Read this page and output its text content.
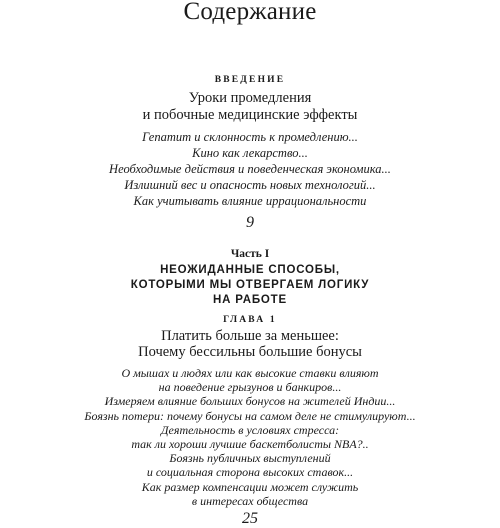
Содержание
ВВЕДЕНИЕ
Уроки промедления
и побочные медицинские эффекты
Гепатит и склонность к промедлению...
Кино как лекарство...
Необходимые действия и поведенческая экономика...
Излишний вес и опасность новых технологий...
Как учитывать влияние иррациональности
9
Часть I
НЕОЖИДАННЫЕ СПОСОБЫ,
КОТОРЫМИ МЫ ОТВЕРГАЕМ ЛОГИКУ
НА РАБОТЕ
ГЛАВА 1
Платить больше за меньшее:
Почему бессильны большие бонусы
О мышах и людях или как высокие ставки влияют
на поведение грызунов и банкиров...
Измеряем влияние больших бонусов на жителей Индии...
Боязнь потери: почему бонусы на самом деле не стимулируют...
Деятельность в условиях стресса:
так ли хороши лучшие баскетболисты NBA?..
Боязнь публичных выступлений
и социальная сторона высоких ставок...
Как размер компенсации может служить
в интересах общества
25
